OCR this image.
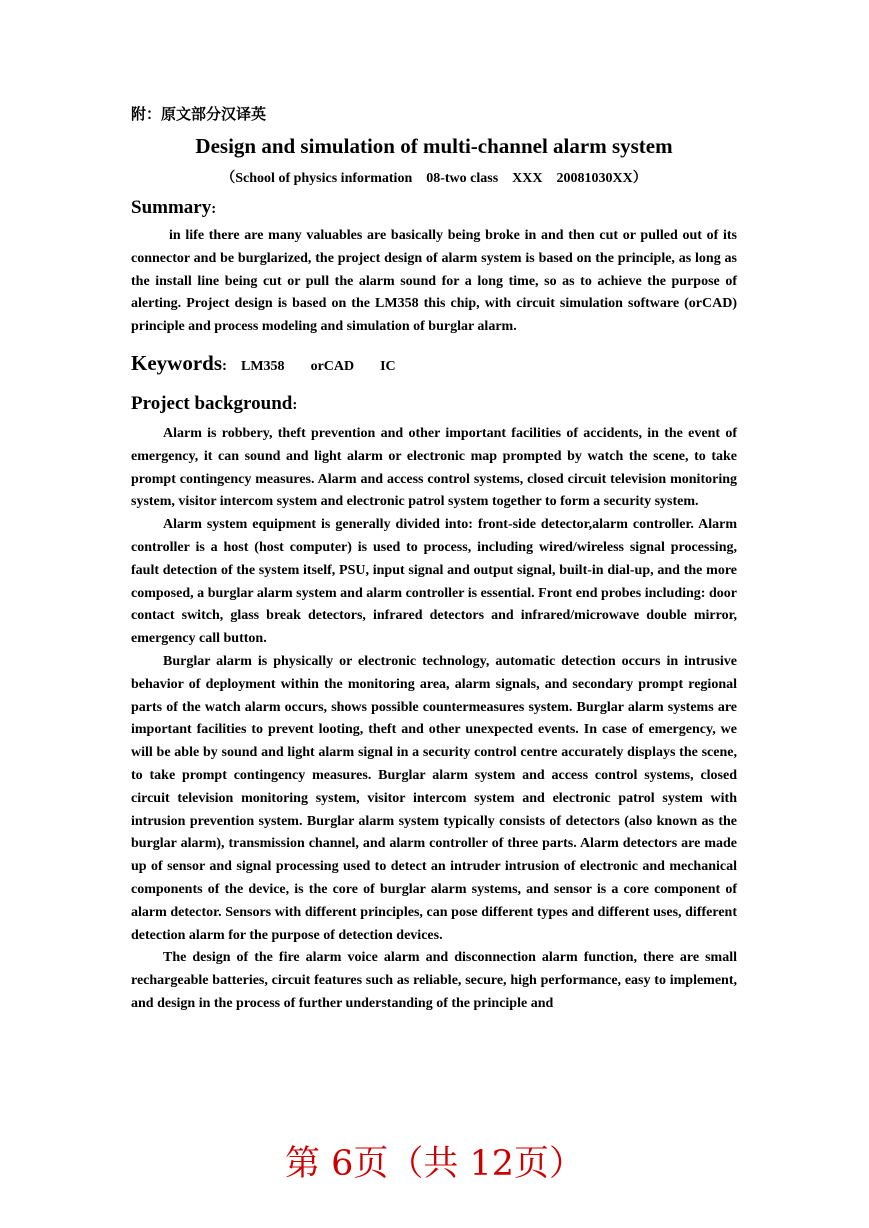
附：原文部分汉译英
Design and simulation of multi-channel alarm system
（School of physics information    08-two class    XXX    20081030XX）
Summary:

in life there are many valuables are basically being broke in and then cut or pulled out of its connector and be burglarized, the project design of alarm system is based on the principle, as long as the install line being cut or pull the alarm sound for a long time, so as to achieve the purpose of alerting. Project design is based on the LM358 this chip, with circuit simulation software (orCAD) principle and process modeling and simulation of burglar alarm.

Keywords: LM358 orCAD IC
Project background:

Alarm is robbery, theft prevention and other important facilities of accidents, in the event of emergency, it can sound and light alarm or electronic map prompted by watch the scene, to take prompt contingency measures. Alarm and access control systems, closed circuit television monitoring system, visitor intercom system and electronic patrol system together to form a security system.

Alarm system equipment is generally divided into: front-side detector,alarm controller. Alarm controller is a host (host computer) is used to process, including wired/wireless signal processing, fault detection of the system itself, PSU, input signal and output signal, built-in dial-up, and the more composed, a burglar alarm system and alarm controller is essential. Front end probes including: door contact switch, glass break detectors, infrared detectors and infrared/microwave double mirror, emergency call button.

Burglar alarm is physically or electronic technology, automatic detection occurs in intrusive behavior of deployment within the monitoring area, alarm signals, and secondary prompt regional parts of the watch alarm occurs, shows possible countermeasures system. Burglar alarm systems are important facilities to prevent looting, theft and other unexpected events. In case of emergency, we will be able by sound and light alarm signal in a security control centre accurately displays the scene, to take prompt contingency measures. Burglar alarm system and access control systems, closed circuit television monitoring system, visitor intercom system and electronic patrol system with intrusion prevention system. Burglar alarm system typically consists of detectors (also known as the burglar alarm), transmission channel, and alarm controller of three parts. Alarm detectors are made up of sensor and signal processing used to detect an intruder intrusion of electronic and mechanical components of the device, is the core of burglar alarm systems, and sensor is a core component of alarm detector. Sensors with different principles, can pose different types and different uses, different detection alarm for the purpose of detection devices.

The design of the fire alarm voice alarm and disconnection alarm function, there are small rechargeable batteries, circuit features such as reliable, secure, high performance, easy to implement, and design in the process of further understanding of the principle and

第 6页（共 12页）
